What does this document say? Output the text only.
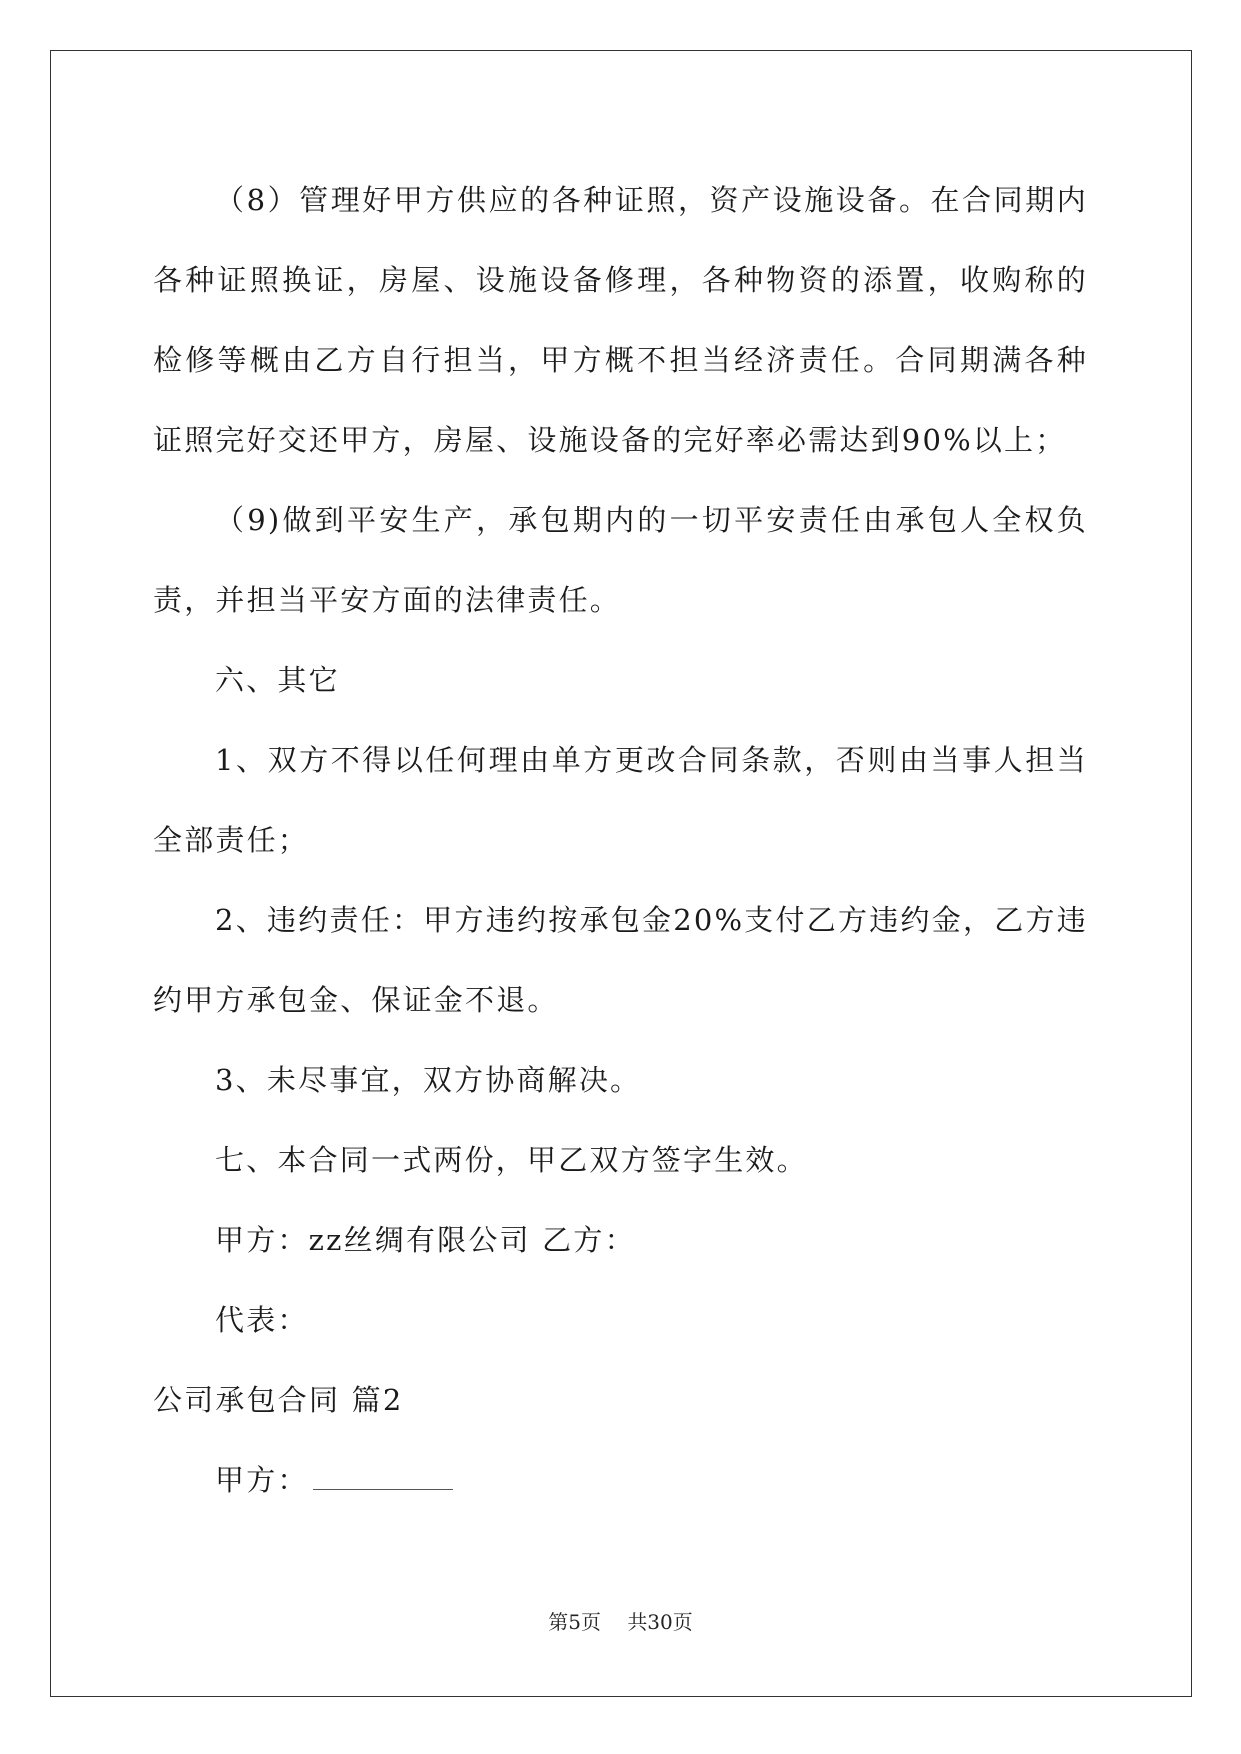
（8）管理好甲方供应的各种证照，资产设施设备。在合同期内各种证照换证，房屋、设施设备修理，各种物资的添置，收购称的检修等概由乙方自行担当，甲方概不担当经济责任。合同期满各种证照完好交还甲方，房屋、设施设备的完好率必需达到90%以上；

（9)做到平安生产，承包期内的一切平安责任由承包人全权负责，并担当平安方面的法律责任。

六、其它

1、双方不得以任何理由单方更改合同条款，否则由当事人担当全部责任；

2、违约责任：甲方违约按承包金20%支付乙方违约金，乙方违约甲方承包金、保证金不退。

3、未尽事宜，双方协商解决。

七、本合同一式两份，甲乙双方签字生效。

甲方：zz丝绸有限公司 乙方：

代表：

公司承包合同 篇2

甲方：

第5页 共30页
